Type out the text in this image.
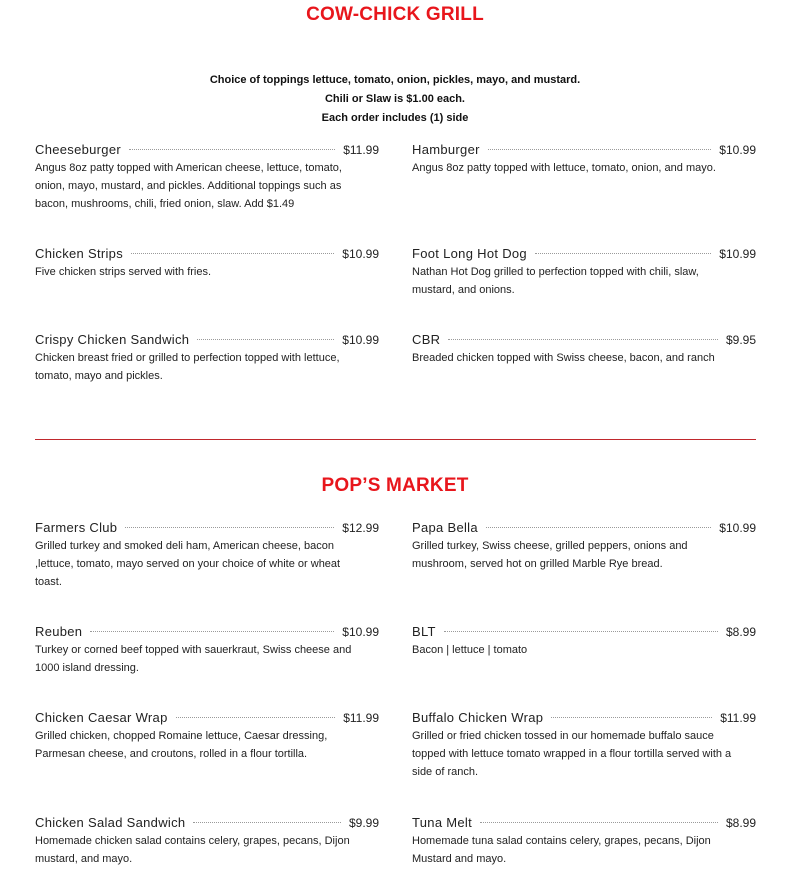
COW-CHICK GRILL
Choice of toppings lettuce, tomato, onion, pickles, mayo, and mustard.
Chili or Slaw is $1.00 each.
Each order includes (1) side
Cheeseburger	$11.99
Angus 8oz patty topped with American cheese, lettuce, tomato, onion, mayo, mustard, and pickles. Additional toppings such as bacon, mushrooms, chili, fried onion, slaw. Add $1.49
Hamburger	$10.99
Angus 8oz patty topped with lettuce, tomato, onion, and mayo.
Chicken Strips	$10.99
Five chicken strips served with fries.
Foot Long Hot Dog	$10.99
Nathan Hot Dog grilled to perfection topped with chili, slaw, mustard, and onions.
Crispy Chicken Sandwich	$10.99
Chicken breast fried or grilled to perfection topped with lettuce, tomato, mayo and pickles.
CBR	$9.95
Breaded chicken topped with Swiss cheese, bacon, and ranch
POP’S MARKET
Farmers Club	$12.99
Grilled turkey and smoked deli ham, American cheese, bacon ,lettuce, tomato, mayo served on your choice of white or wheat toast.
Papa Bella	$10.99
Grilled turkey, Swiss cheese, grilled peppers, onions and mushroom, served hot on grilled Marble Rye bread.
Reuben	$10.99
Turkey or corned beef topped with sauerkraut, Swiss cheese and 1000 island dressing.
BLT	$8.99
Bacon | lettuce | tomato
Chicken Caesar Wrap	$11.99
Grilled chicken, chopped Romaine lettuce, Caesar dressing, Parmesan cheese, and croutons, rolled in a flour tortilla.
Buffalo Chicken Wrap	$11.99
Grilled or fried chicken tossed in our homemade buffalo sauce topped with lettuce tomato wrapped in a flour tortilla served with a side of ranch.
Chicken Salad Sandwich	$9.99
Homemade chicken salad contains celery, grapes, pecans, Dijon mustard, and mayo.
Tuna Melt	$8.99
Homemade tuna salad contains celery, grapes, pecans, Dijon Mustard and mayo.
